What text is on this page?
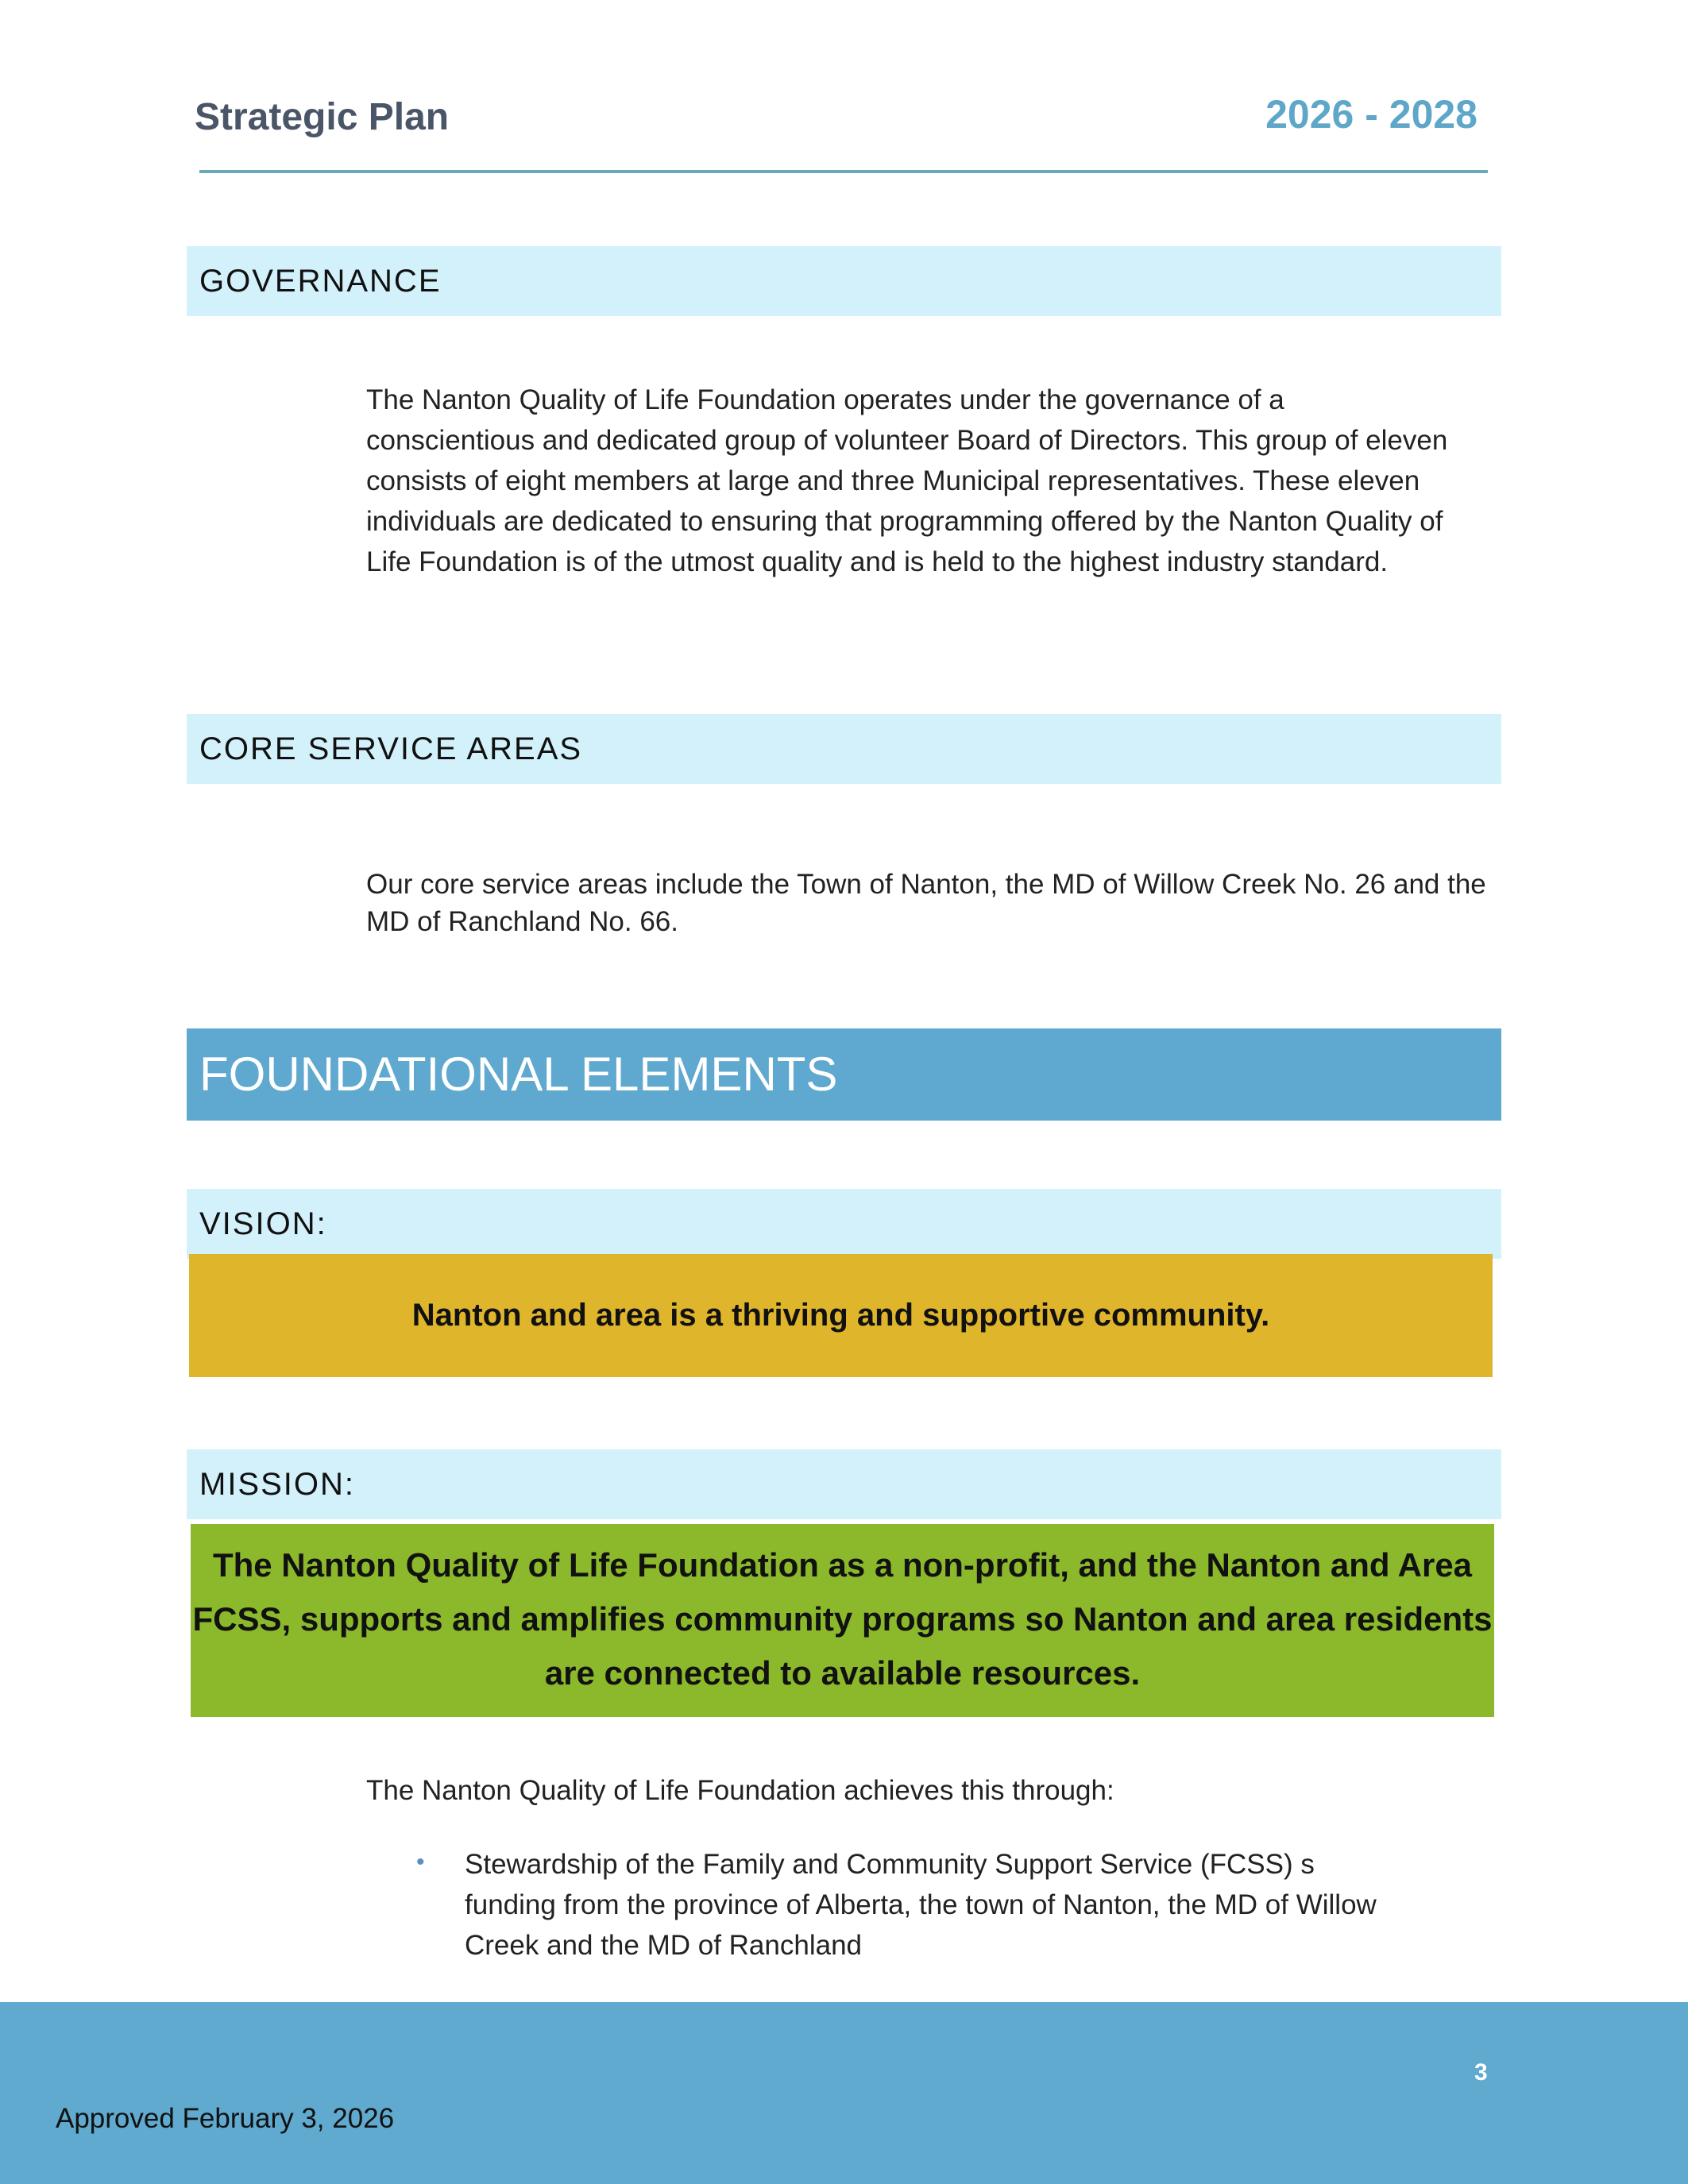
Strategic Plan	2026 - 2028
GOVERNANCE
The Nanton Quality of Life Foundation operates under the governance of a conscientious and dedicated group of volunteer Board of Directors. This group of eleven consists of eight members at large and three Municipal representatives. These eleven individuals are dedicated to ensuring that programming offered by the Nanton Quality of Life Foundation is of the utmost quality and is held to the highest industry standard.
CORE SERVICE AREAS
Our core service areas include the Town of Nanton, the MD of Willow Creek No. 26 and the MD of Ranchland No. 66.
FOUNDATIONAL ELEMENTS
VISION:
Nanton and area is a thriving and supportive community.
MISSION:
The Nanton Quality of Life Foundation as a non-profit, and the Nanton and Area FCSS, supports and amplifies community programs so Nanton and area residents are connected to available resources.
The Nanton Quality of Life Foundation achieves this through:
• Stewardship of the Family and Community Support Service (FCSS) s funding from the province of Alberta, the town of Nanton, the MD of Willow Creek and the MD of Ranchland
3
Approved February 3, 2026
